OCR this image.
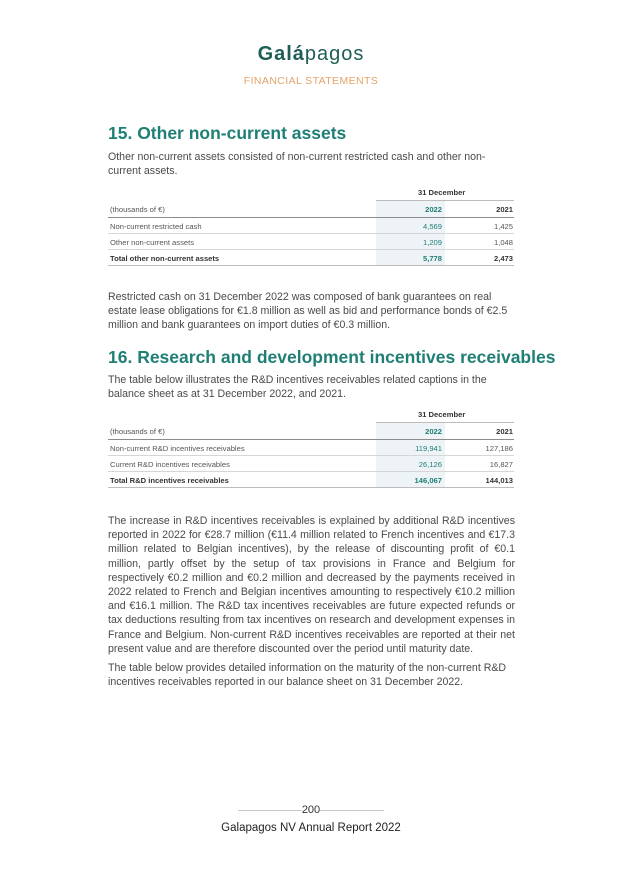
Galápagos
FINANCIAL STATEMENTS
15. Other non-current assets
Other non-current assets consisted of non-current restricted cash and other non-current assets.
31 December
(thousands of €)	2022	2021
Non-current restricted cash	4,569	1,425
Other non-current assets	1,209	1,048
Total other non-current assets	5,778	2,473
Restricted cash on 31 December 2022 was composed of bank guarantees on real estate lease obligations for €1.8 million as well as bid and performance bonds of €2.5 million and bank guarantees on import duties of €0.3 million.
16. Research and development incentives receivables
The table below illustrates the R&D incentives receivables related captions in the balance sheet as at 31 December 2022, and 2021.
31 December
(thousands of €)	2022	2021
Non-current R&D incentives receivables	119,941	127,186
Current R&D incentives receivables	26,126	16,827
Total R&D incentives receivables	146,067	144,013
The increase in R&D incentives receivables is explained by additional R&D incentives reported in 2022 for €28.7 million (€11.4 million related to French incentives and €17.3 million related to Belgian incentives), by the release of discounting profit of €0.1 million, partly offset by the setup of tax provisions in France and Belgium for respectively €0.2 million and €0.2 million and decreased by the payments received in 2022 related to French and Belgian incentives amounting to respectively €10.2 million and €16.1 million. The R&D tax incentives receivables are future expected refunds or tax deductions resulting from tax incentives on research and development expenses in France and Belgium. Non-current R&D incentives receivables are reported at their net present value and are therefore discounted over the period until maturity date.
The table below provides detailed information on the maturity of the non-current R&D incentives receivables reported in our balance sheet on 31 December 2022.
200
Galapagos NV Annual Report 2022
